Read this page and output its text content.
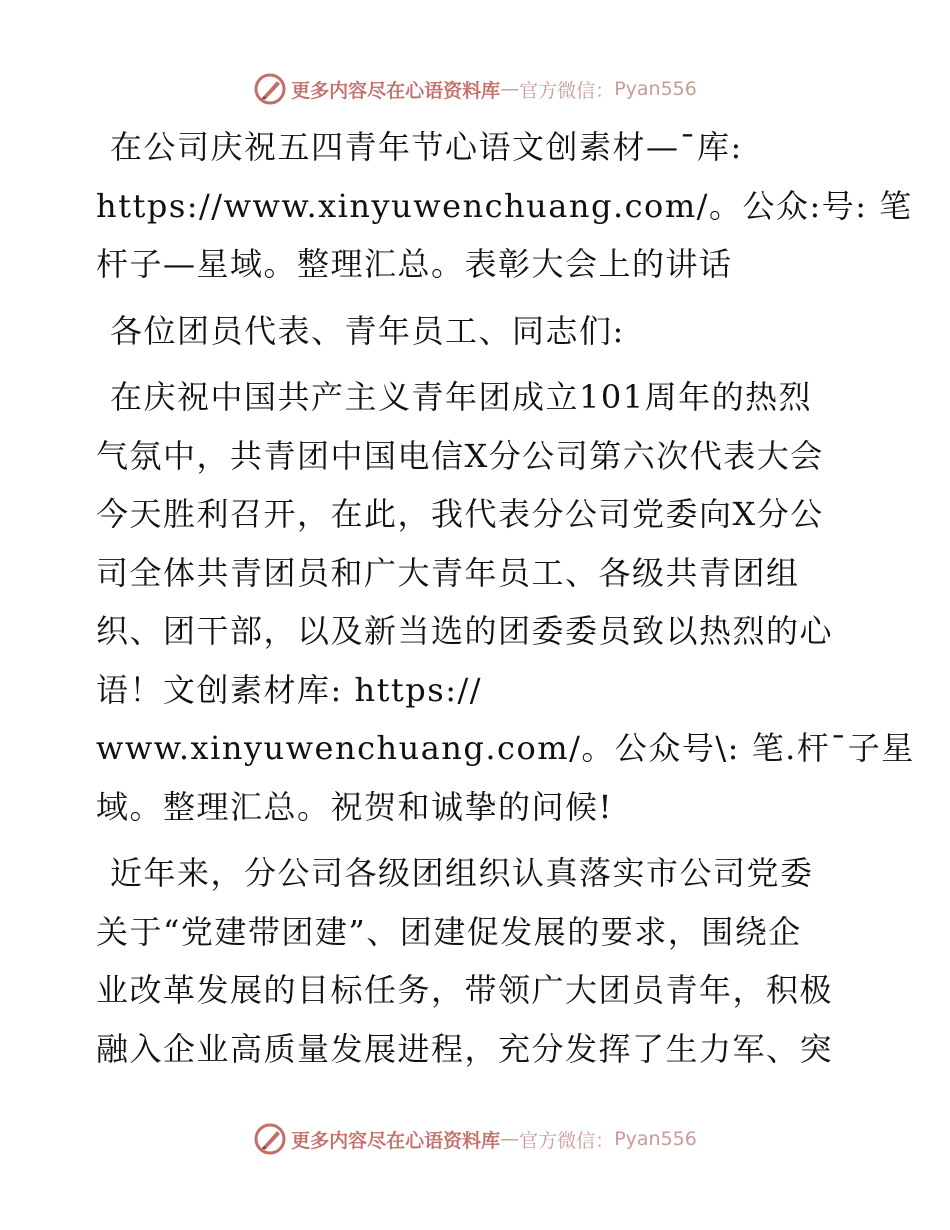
更多内容尽在心语资料库 — 官方微信： Pyan556
在公司庆祝五四青年节心语文创素材—¯库:
https://www.xinyuwenchuang.com/。公众:号: 笔
杆子—星域。整理汇总。表彰大会上的讲话
各位团员代表、青年员工、同志们:
在庆祝中国共产主义青年团成立101周年的热烈
气氛中，共青团中国电信X分公司第六次代表大会
今天胜利召开，在此，我代表分公司党委向X分公
司全体共青团员和广大青年员工、各级共青团组
织、团干部，以及新当选的团委委员致以热烈的心
语！文创素材库: https://
www.xinyuwenchuang.com/。公众号\: 笔.杆¯子星
域。整理汇总。祝贺和诚挚的问候!
近年来，分公司各级团组织认真落实市公司党委
关于“党建带团建”、团建促发展的要求，围绕企
业改革发展的目标任务，带领广大团员青年，积极
融入企业高质量发展进程，充分发挥了生力军、突
更多内容尽在心语资料库 — 官方微信： Pyan556
